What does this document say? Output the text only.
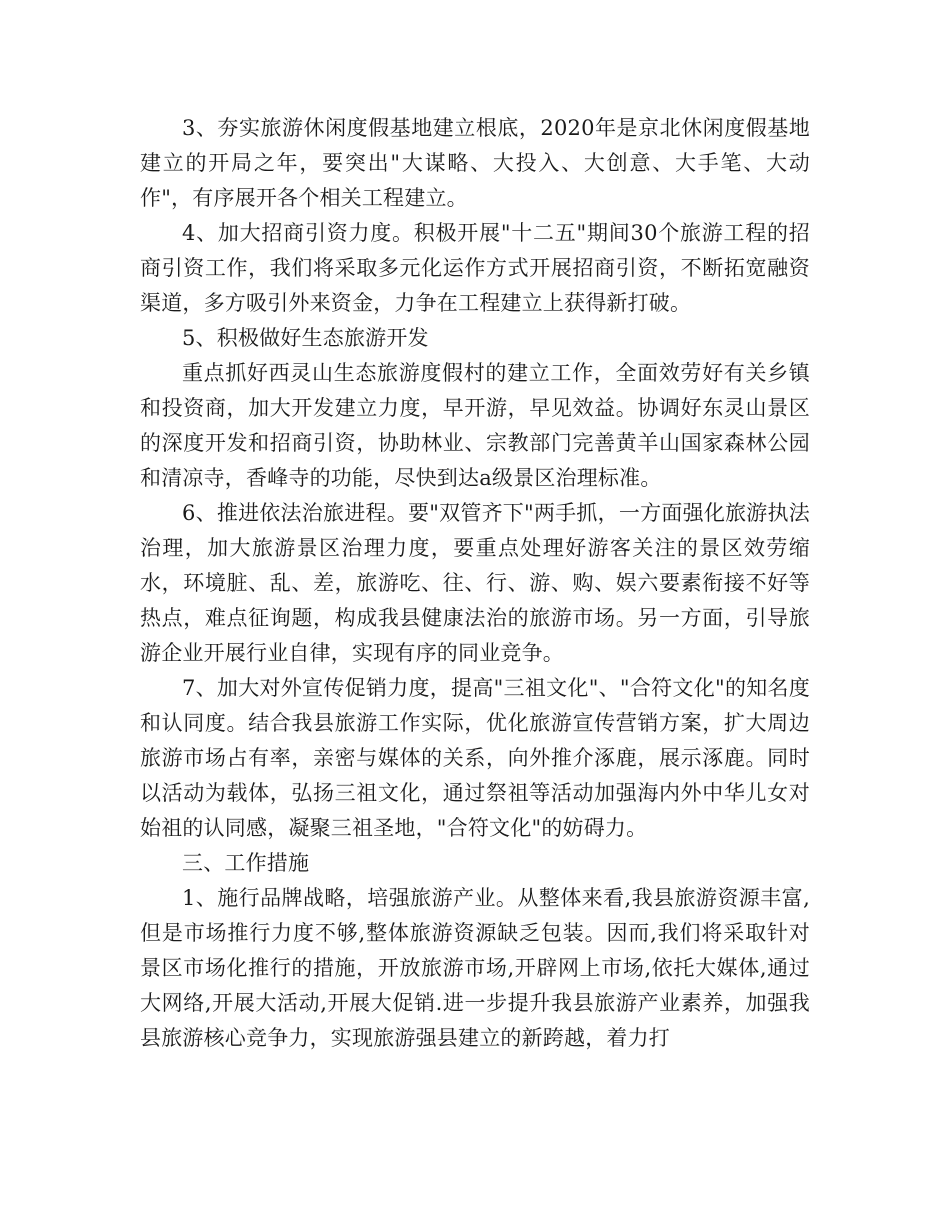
3、夯实旅游休闲度假基地建立根底，2020年是京北休闲度假基地建立的开局之年，要突出"大谋略、大投入、大创意、大手笔、大动作"，有序展开各个相关工程建立。

4、加大招商引资力度。积极开展"十二五"期间30个旅游工程的招商引资工作，我们将采取多元化运作方式开展招商引资，不断拓宽融资渠道，多方吸引外来资金，力争在工程建立上获得新打破。

5、积极做好生态旅游开发

重点抓好西灵山生态旅游度假村的建立工作，全面效劳好有关乡镇和投资商，加大开发建立力度，早开游，早见效益。协调好东灵山景区的深度开发和招商引资，协助林业、宗教部门完善黄羊山国家森林公园和清凉寺，香峰寺的功能，尽快到达a级景区治理标准。

6、推进依法治旅进程。要"双管齐下"两手抓，一方面强化旅游执法治理，加大旅游景区治理力度，要重点处理好游客关注的景区效劳缩水，环境脏、乱、差，旅游吃、往、行、游、购、娱六要素衔接不好等热点，难点征询题，构成我县健康法治的旅游市场。另一方面，引导旅游企业开展行业自律，实现有序的同业竞争。

7、加大对外宣传促销力度，提高"三祖文化"、"合符文化"的知名度和认同度。结合我县旅游工作实际，优化旅游宣传营销方案，扩大周边旅游市场占有率，亲密与媒体的关系，向外推介涿鹿，展示涿鹿。同时以活动为载体，弘扬三祖文化，通过祭祖等活动加强海内外中华儿女对始祖的认同感，凝聚三祖圣地，"合符文化"的妨碍力。

三、工作措施

1、施行品牌战略，培强旅游产业。从整体来看,我县旅游资源丰富,但是市场推行力度不够,整体旅游资源缺乏包装。因而,我们将采取针对景区市场化推行的措施，开放旅游市场,开辟网上市场,依托大媒体,通过大网络,开展大活动,开展大促销.进一步提升我县旅游产业素养，加强我县旅游核心竞争力，实现旅游强县建立的新跨越，着力打
